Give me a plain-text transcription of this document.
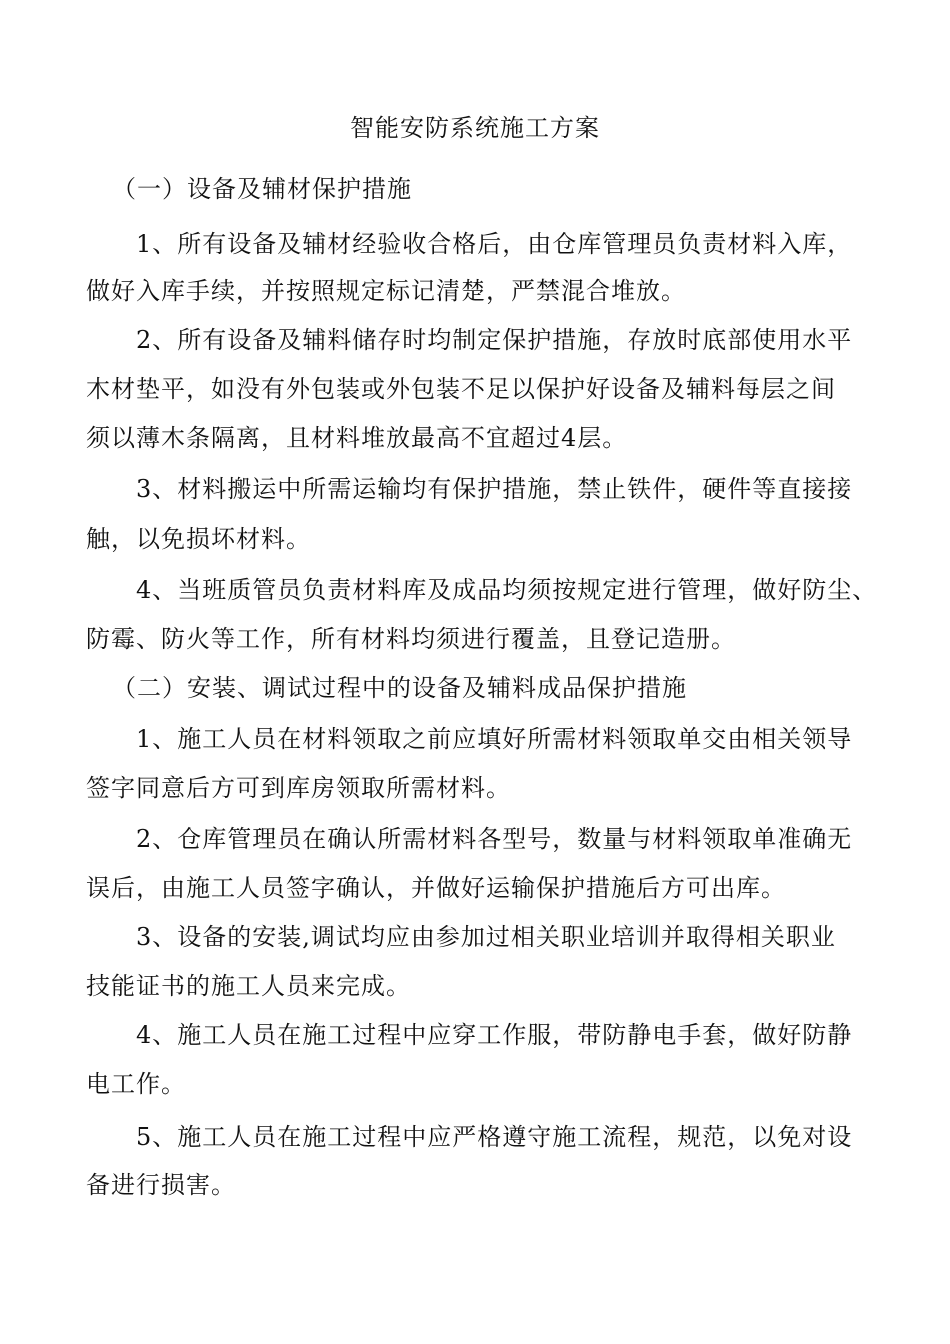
智能安防系统施工方案
（一）设备及辅材保护措施
1、所有设备及辅材经验收合格后，由仓库管理员负责材料入库，
做好入库手续，并按照规定标记清楚，严禁混合堆放。
2、所有设备及辅料储存时均制定保护措施，存放时底部使用水平
木材垫平，如没有外包装或外包装不足以保护好设备及辅料每层之间
须以薄木条隔离，且材料堆放最高不宜超过4层。
3、材料搬运中所需运输均有保护措施，禁止铁件，硬件等直接接
触，以免损坏材料。
4、当班质管员负责材料库及成品均须按规定进行管理，做好防尘、
防霉、防火等工作，所有材料均须进行覆盖，且登记造册。
（二）安装、调试过程中的设备及辅料成品保护措施
1、施工人员在材料领取之前应填好所需材料领取单交由相关领导
签字同意后方可到库房领取所需材料。
2、仓库管理员在确认所需材料各型号，数量与材料领取单准确无
误后，由施工人员签字确认，并做好运输保护措施后方可出库。
3、设备的安装,调试均应由参加过相关职业培训并取得相关职业
技能证书的施工人员来完成。
4、施工人员在施工过程中应穿工作服，带防静电手套，做好防静
电工作。
5、施工人员在施工过程中应严格遵守施工流程，规范，以免对设
备进行损害。
